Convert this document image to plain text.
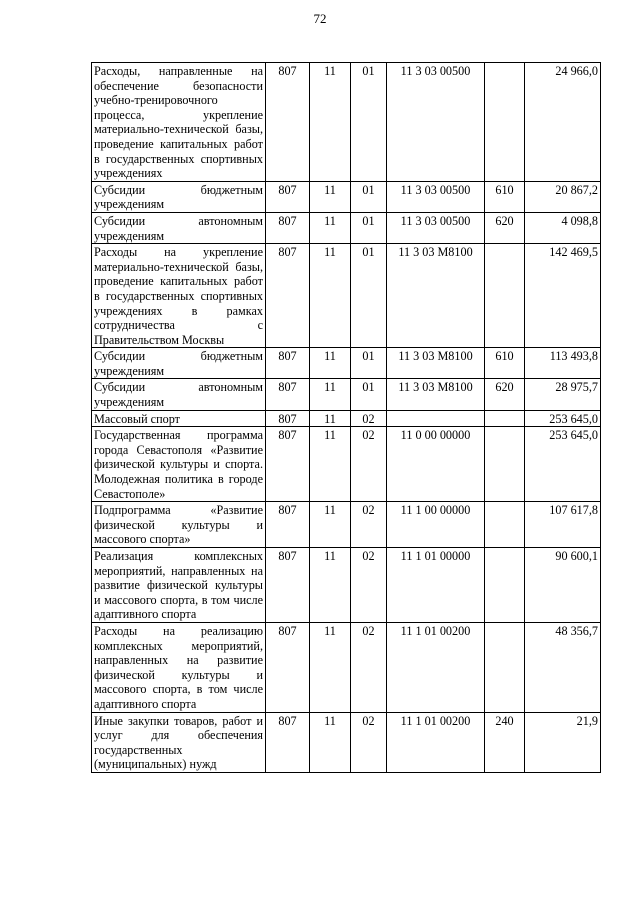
72
Расходы, направленные на обеспечение безопасности учебно-тренировочного процесса, укрепление материально-технической базы, проведение капитальных работ в государственных спортивных учреждениях	807	11	01	11 3 03 00500		24 966,0
Субсидии бюджетным учреждениям	807	11	01	11 3 03 00500	610	20 867,2
Субсидии автономным учреждениям	807	11	01	11 3 03 00500	620	4 098,8
Расходы на укрепление материально-технической базы, проведение капитальных работ в государственных спортивных учреждениях в рамках сотрудничества с Правительством Москвы	807	11	01	11 3 03 M8100		142 469,5
Субсидии бюджетным учреждениям	807	11	01	11 3 03 M8100	610	113 493,8
Субсидии автономным учреждениям	807	11	01	11 3 03 M8100	620	28 975,7
Массовый спорт	807	11	02			253 645,0
Государственная программа города Севастополя «Развитие физической культуры и спорта. Молодежная политика в городе Севастополе»	807	11	02	11 0 00 00000		253 645,0
Подпрограмма «Развитие физической культуры и массового спорта»	807	11	02	11 1 00 00000		107 617,8
Реализация комплексных мероприятий, направленных на развитие физической культуры и массового спорта, в том числе адаптивного спорта	807	11	02	11 1 01 00000		90 600,1
Расходы на реализацию комплексных мероприятий, направленных на развитие физической культуры и массового спорта, в том числе адаптивного спорта	807	11	02	11 1 01 00200		48 356,7
Иные закупки товаров, работ и услуг для обеспечения государственных (муниципальных) нужд	807	11	02	11 1 01 00200	240	21,9
